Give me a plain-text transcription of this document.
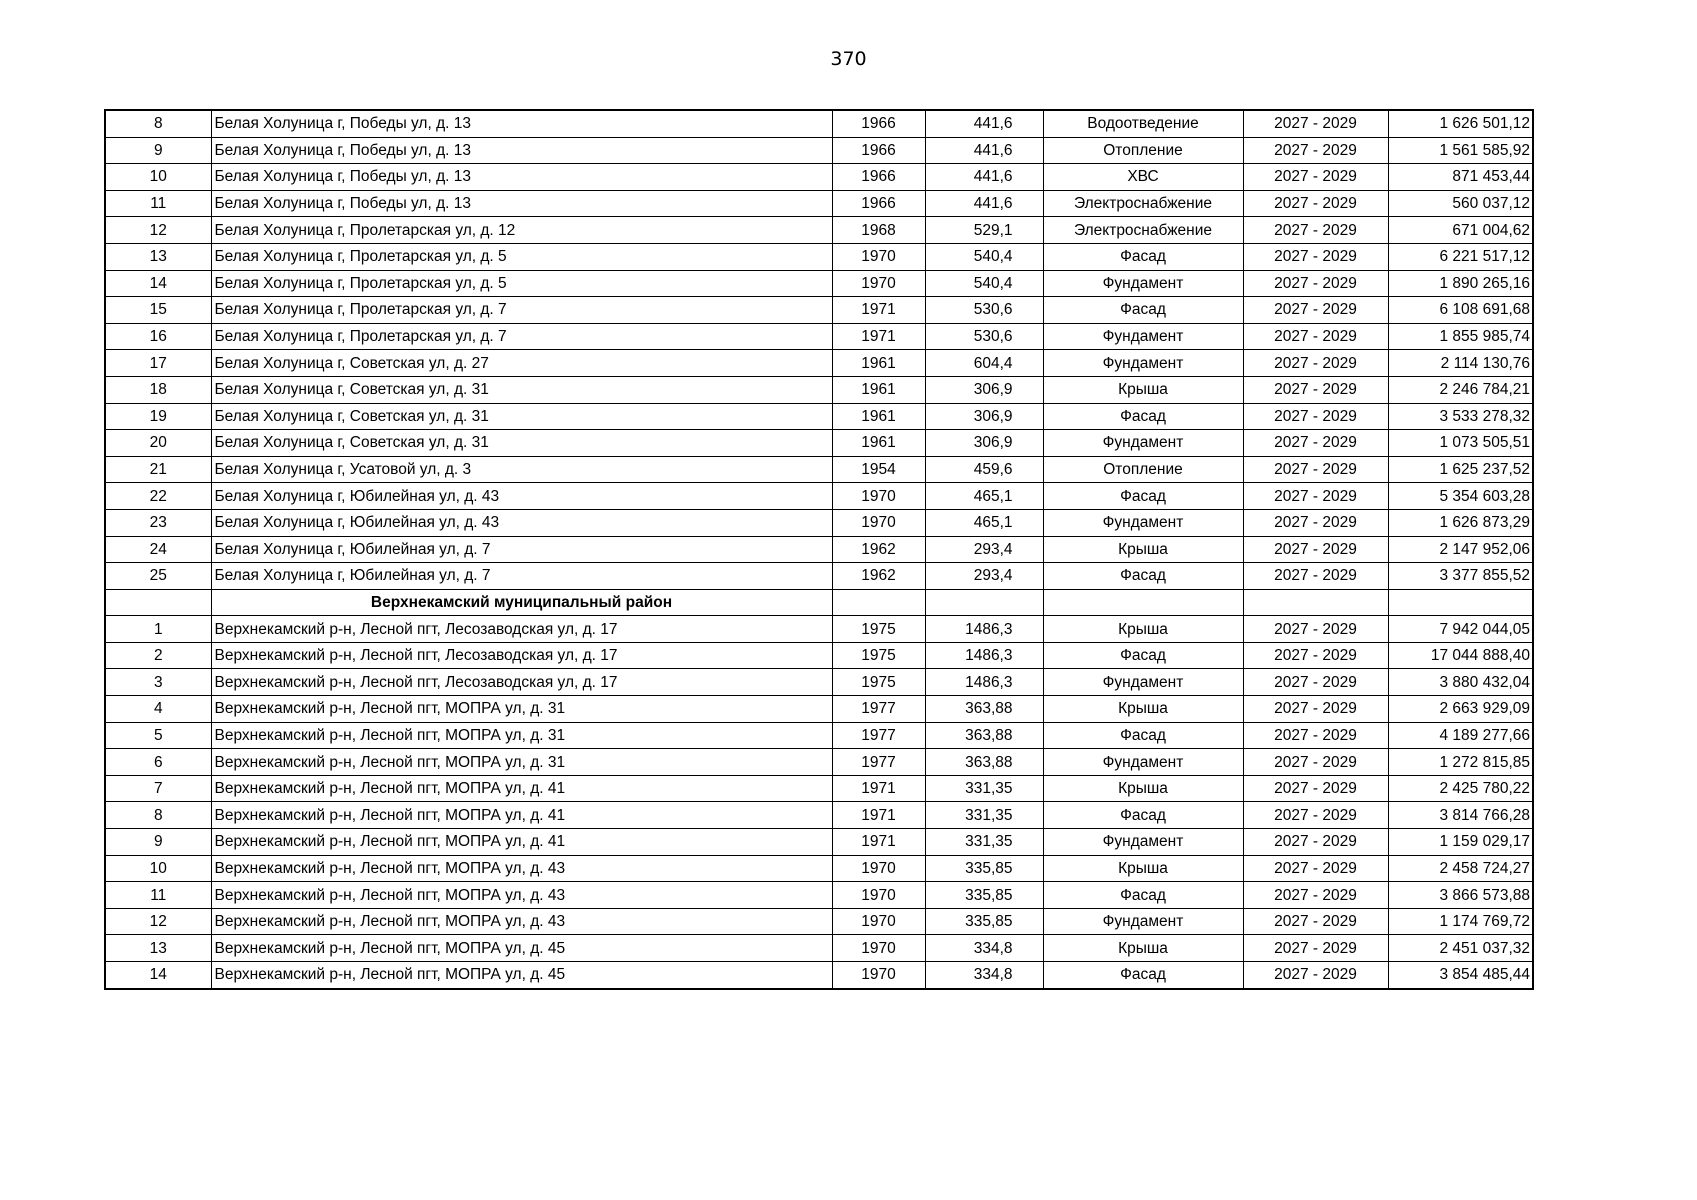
370
8	Белая Холуница г, Победы ул, д. 13	1966	441,6	Водоотведение	2027 - 2029	1 626 501,12
9	Белая Холуница г, Победы ул, д. 13	1966	441,6	Отопление	2027 - 2029	1 561 585,92
10	Белая Холуница г, Победы ул, д. 13	1966	441,6	ХВС	2027 - 2029	871 453,44
11	Белая Холуница г, Победы ул, д. 13	1966	441,6	Электроснабжение	2027 - 2029	560 037,12
12	Белая Холуница г, Пролетарская ул, д. 12	1968	529,1	Электроснабжение	2027 - 2029	671 004,62
13	Белая Холуница г, Пролетарская ул, д. 5	1970	540,4	Фасад	2027 - 2029	6 221 517,12
14	Белая Холуница г, Пролетарская ул, д. 5	1970	540,4	Фундамент	2027 - 2029	1 890 265,16
15	Белая Холуница г, Пролетарская ул, д. 7	1971	530,6	Фасад	2027 - 2029	6 108 691,68
16	Белая Холуница г, Пролетарская ул, д. 7	1971	530,6	Фундамент	2027 - 2029	1 855 985,74
17	Белая Холуница г, Советская ул, д. 27	1961	604,4	Фундамент	2027 - 2029	2 114 130,76
18	Белая Холуница г, Советская ул, д. 31	1961	306,9	Крыша	2027 - 2029	2 246 784,21
19	Белая Холуница г, Советская ул, д. 31	1961	306,9	Фасад	2027 - 2029	3 533 278,32
20	Белая Холуница г, Советская ул, д. 31	1961	306,9	Фундамент	2027 - 2029	1 073 505,51
21	Белая Холуница г, Усатовой ул, д. 3	1954	459,6	Отопление	2027 - 2029	1 625 237,52
22	Белая Холуница г, Юбилейная ул, д. 43	1970	465,1	Фасад	2027 - 2029	5 354 603,28
23	Белая Холуница г, Юбилейная ул, д. 43	1970	465,1	Фундамент	2027 - 2029	1 626 873,29
24	Белая Холуница г, Юбилейная ул, д. 7	1962	293,4	Крыша	2027 - 2029	2 147 952,06
25	Белая Холуница г, Юбилейная ул, д. 7	1962	293,4	Фасад	2027 - 2029	3 377 855,52
	Верхнекамский муниципальный район					
1	Верхнекамский р-н, Лесной пгт, Лесозаводская ул, д. 17	1975	1486,3	Крыша	2027 - 2029	7 942 044,05
2	Верхнекамский р-н, Лесной пгт, Лесозаводская ул, д. 17	1975	1486,3	Фасад	2027 - 2029	17 044 888,40
3	Верхнекамский р-н, Лесной пгт, Лесозаводская ул, д. 17	1975	1486,3	Фундамент	2027 - 2029	3 880 432,04
4	Верхнекамский р-н, Лесной пгт, МОПРА ул, д. 31	1977	363,88	Крыша	2027 - 2029	2 663 929,09
5	Верхнекамский р-н, Лесной пгт, МОПРА ул, д. 31	1977	363,88	Фасад	2027 - 2029	4 189 277,66
6	Верхнекамский р-н, Лесной пгт, МОПРА ул, д. 31	1977	363,88	Фундамент	2027 - 2029	1 272 815,85
7	Верхнекамский р-н, Лесной пгт, МОПРА ул, д. 41	1971	331,35	Крыша	2027 - 2029	2 425 780,22
8	Верхнекамский р-н, Лесной пгт, МОПРА ул, д. 41	1971	331,35	Фасад	2027 - 2029	3 814 766,28
9	Верхнекамский р-н, Лесной пгт, МОПРА ул, д. 41	1971	331,35	Фундамент	2027 - 2029	1 159 029,17
10	Верхнекамский р-н, Лесной пгт, МОПРА ул, д. 43	1970	335,85	Крыша	2027 - 2029	2 458 724,27
11	Верхнекамский р-н, Лесной пгт, МОПРА ул, д. 43	1970	335,85	Фасад	2027 - 2029	3 866 573,88
12	Верхнекамский р-н, Лесной пгт, МОПРА ул, д. 43	1970	335,85	Фундамент	2027 - 2029	1 174 769,72
13	Верхнекамский р-н, Лесной пгт, МОПРА ул, д. 45	1970	334,8	Крыша	2027 - 2029	2 451 037,32
14	Верхнекамский р-н, Лесной пгт, МОПРА ул, д. 45	1970	334,8	Фасад	2027 - 2029	3 854 485,44
